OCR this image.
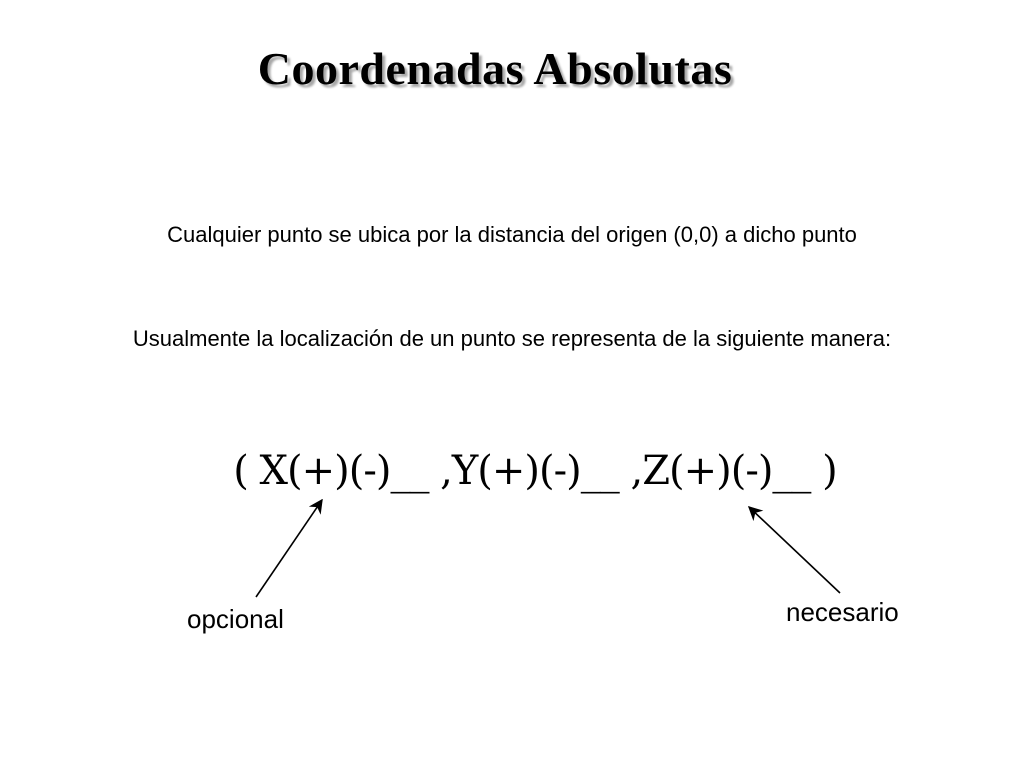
Coordenadas Absolutas
Cualquier punto se ubica por la distancia del origen (0,0) a dicho punto
Usualmente la localización de un punto se representa de la siguiente manera:
( X(+)(-)__ ,Y(+)(-)__ ,Z(+)(-)__ )
opcional	necesario
